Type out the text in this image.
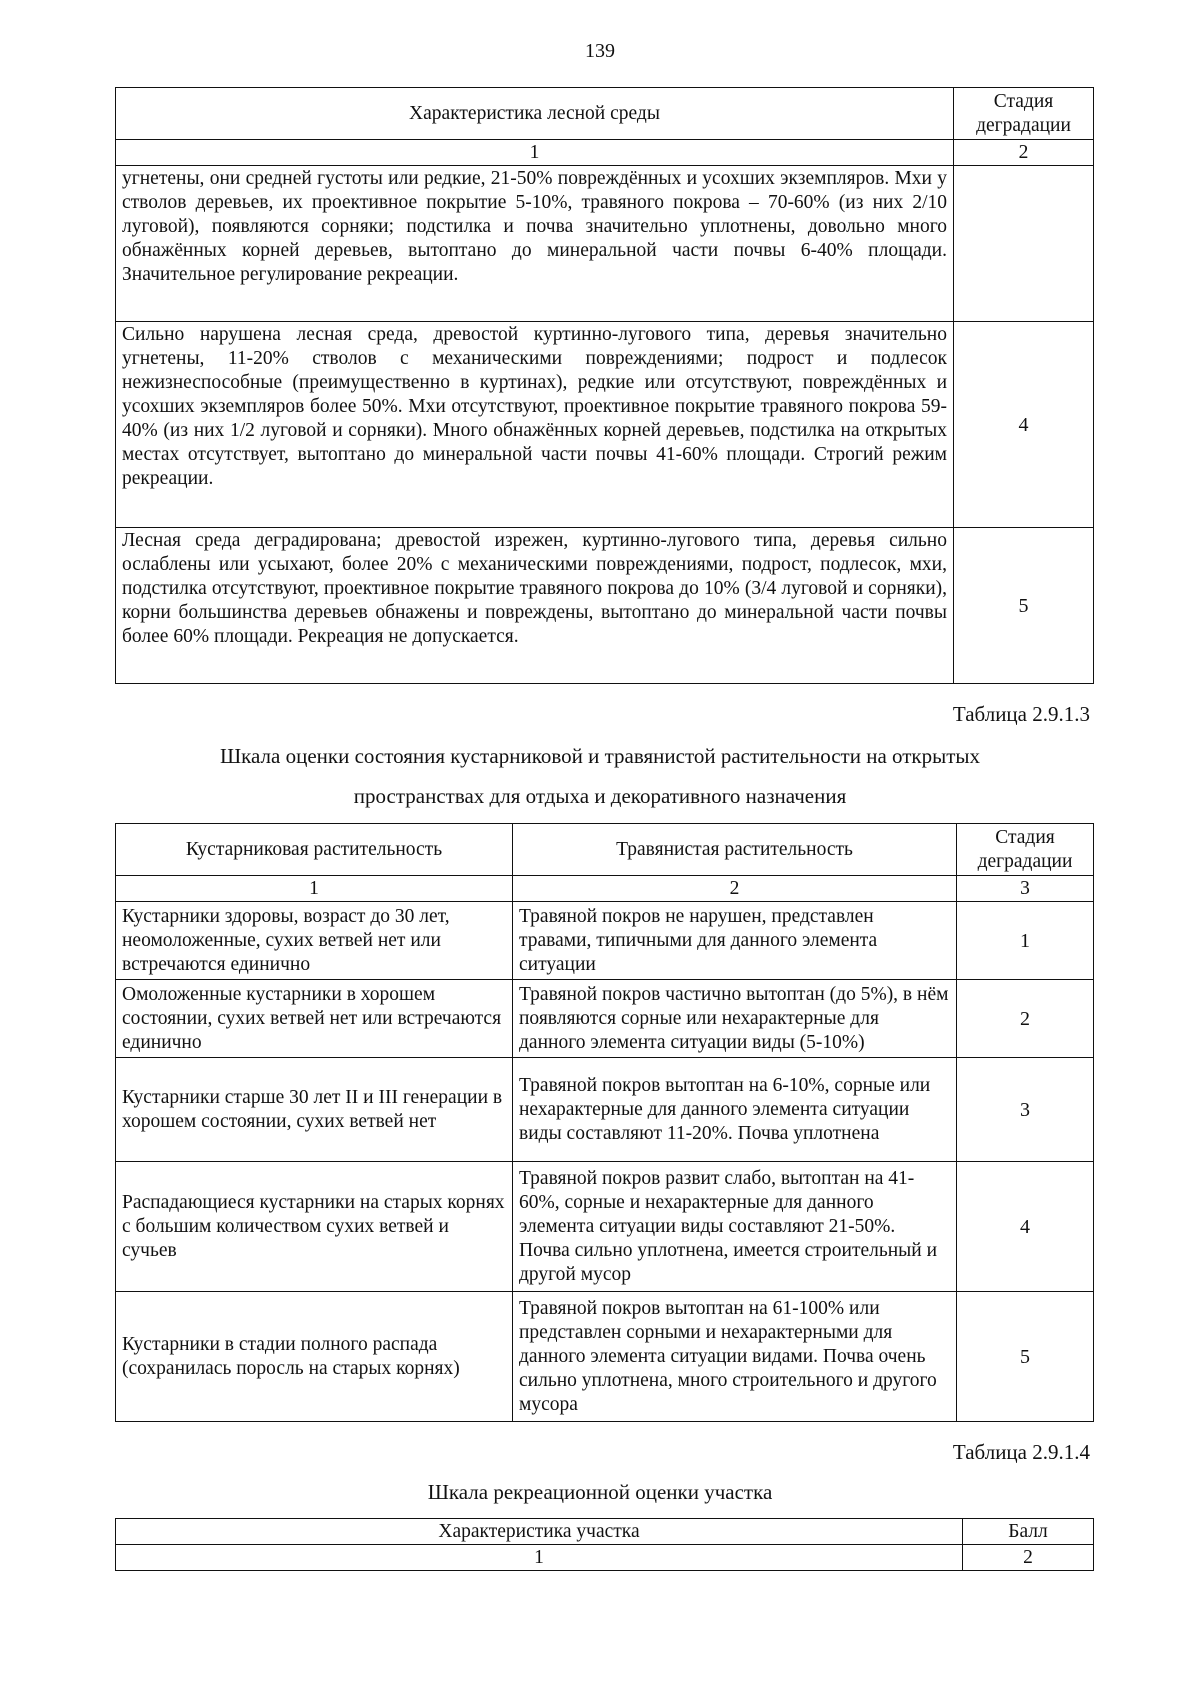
139
Характеристика лесной среды	Стадия деградации
1	2
угнетены, они средней густоты или редкие, 21-50% повреждённых и усохших экземпляров. Мхи у стволов деревьев, их проективное покрытие 5-10%, травяного покрова – 70-60% (из них 2/10 луговой), появляются сорняки; подстилка и почва значительно уплотнены, довольно много обнажённых корней деревьев, вытоптано до минеральной части почвы 6-40% площади. Значительное регулирование рекреации.	
Сильно нарушена лесная среда, древостой куртинно-лугового типа, деревья значительно угнетены, 11-20% стволов с механическими повреждениями; подрост и подлесок нежизнеспособные (преимущественно в куртинах), редкие или отсутствуют, повреждённых и усохших экземпляров более 50%. Мхи отсутствуют, проективное покрытие травяного покрова 59-40% (из них 1/2 луговой и сорняки). Много обнажённых корней деревьев, подстилка на открытых местах отсутствует, вытоптано до минеральной части почвы 41-60% площади. Строгий режим рекреации.	4
Лесная среда деградирована; древостой изрежен, куртинно-лугового типа, деревья сильно ослаблены или усыхают, более 20% с механическими повреждениями, подрост, подлесок, мхи, подстилка отсутствуют, проективное покрытие травяного покрова до 10% (3/4 луговой и сорняки), корни большинства деревьев обнажены и повреждены, вытоптано до минеральной части почвы более 60% площади. Рекреация не допускается.	5
Таблица 2.9.1.3
Шкала оценки состояния кустарниковой и травянистой растительности на открытых
пространствах для отдыха и декоративного назначения
Кустарниковая растительность	Травянистая растительность	Стадия деградации
1	2	3
Кустарники здоровы, возраст до 30 лет, неомоложенные, сухих ветвей нет или встречаются единично	Травяной покров не нарушен, представлен травами, типичными для данного элемента ситуации	1
Омоложенные кустарники в хорошем состоянии, сухих ветвей нет или встречаются единично	Травяной покров частично вытоптан (до 5%), в нём появляются сорные или нехарактерные для данного элемента ситуации виды (5-10%)	2
Кустарники старше 30 лет II и III генерации в хорошем состоянии, сухих ветвей нет	Травяной покров вытоптан на 6-10%, сорные или нехарактерные для данного элемента ситуации виды составляют 11-20%. Почва уплотнена	3
Распадающиеся кустарники на старых корнях с большим количеством сухих ветвей и сучьев	Травяной покров развит слабо, вытоптан на 41-60%, сорные и нехарактерные для данного элемента ситуации виды составляют 21-50%. Почва сильно уплотнена, имеется строительный и другой мусор	4
Кустарники в стадии полного распада (сохранилась поросль на старых корнях)	Травяной покров вытоптан на 61-100% или представлен сорными и нехарактерными для данного элемента ситуации видами. Почва очень сильно уплотнена, много строительного и другого мусора	5
Таблица 2.9.1.4
Шкала рекреационной оценки участка
Характеристика участка	Балл
1	2
